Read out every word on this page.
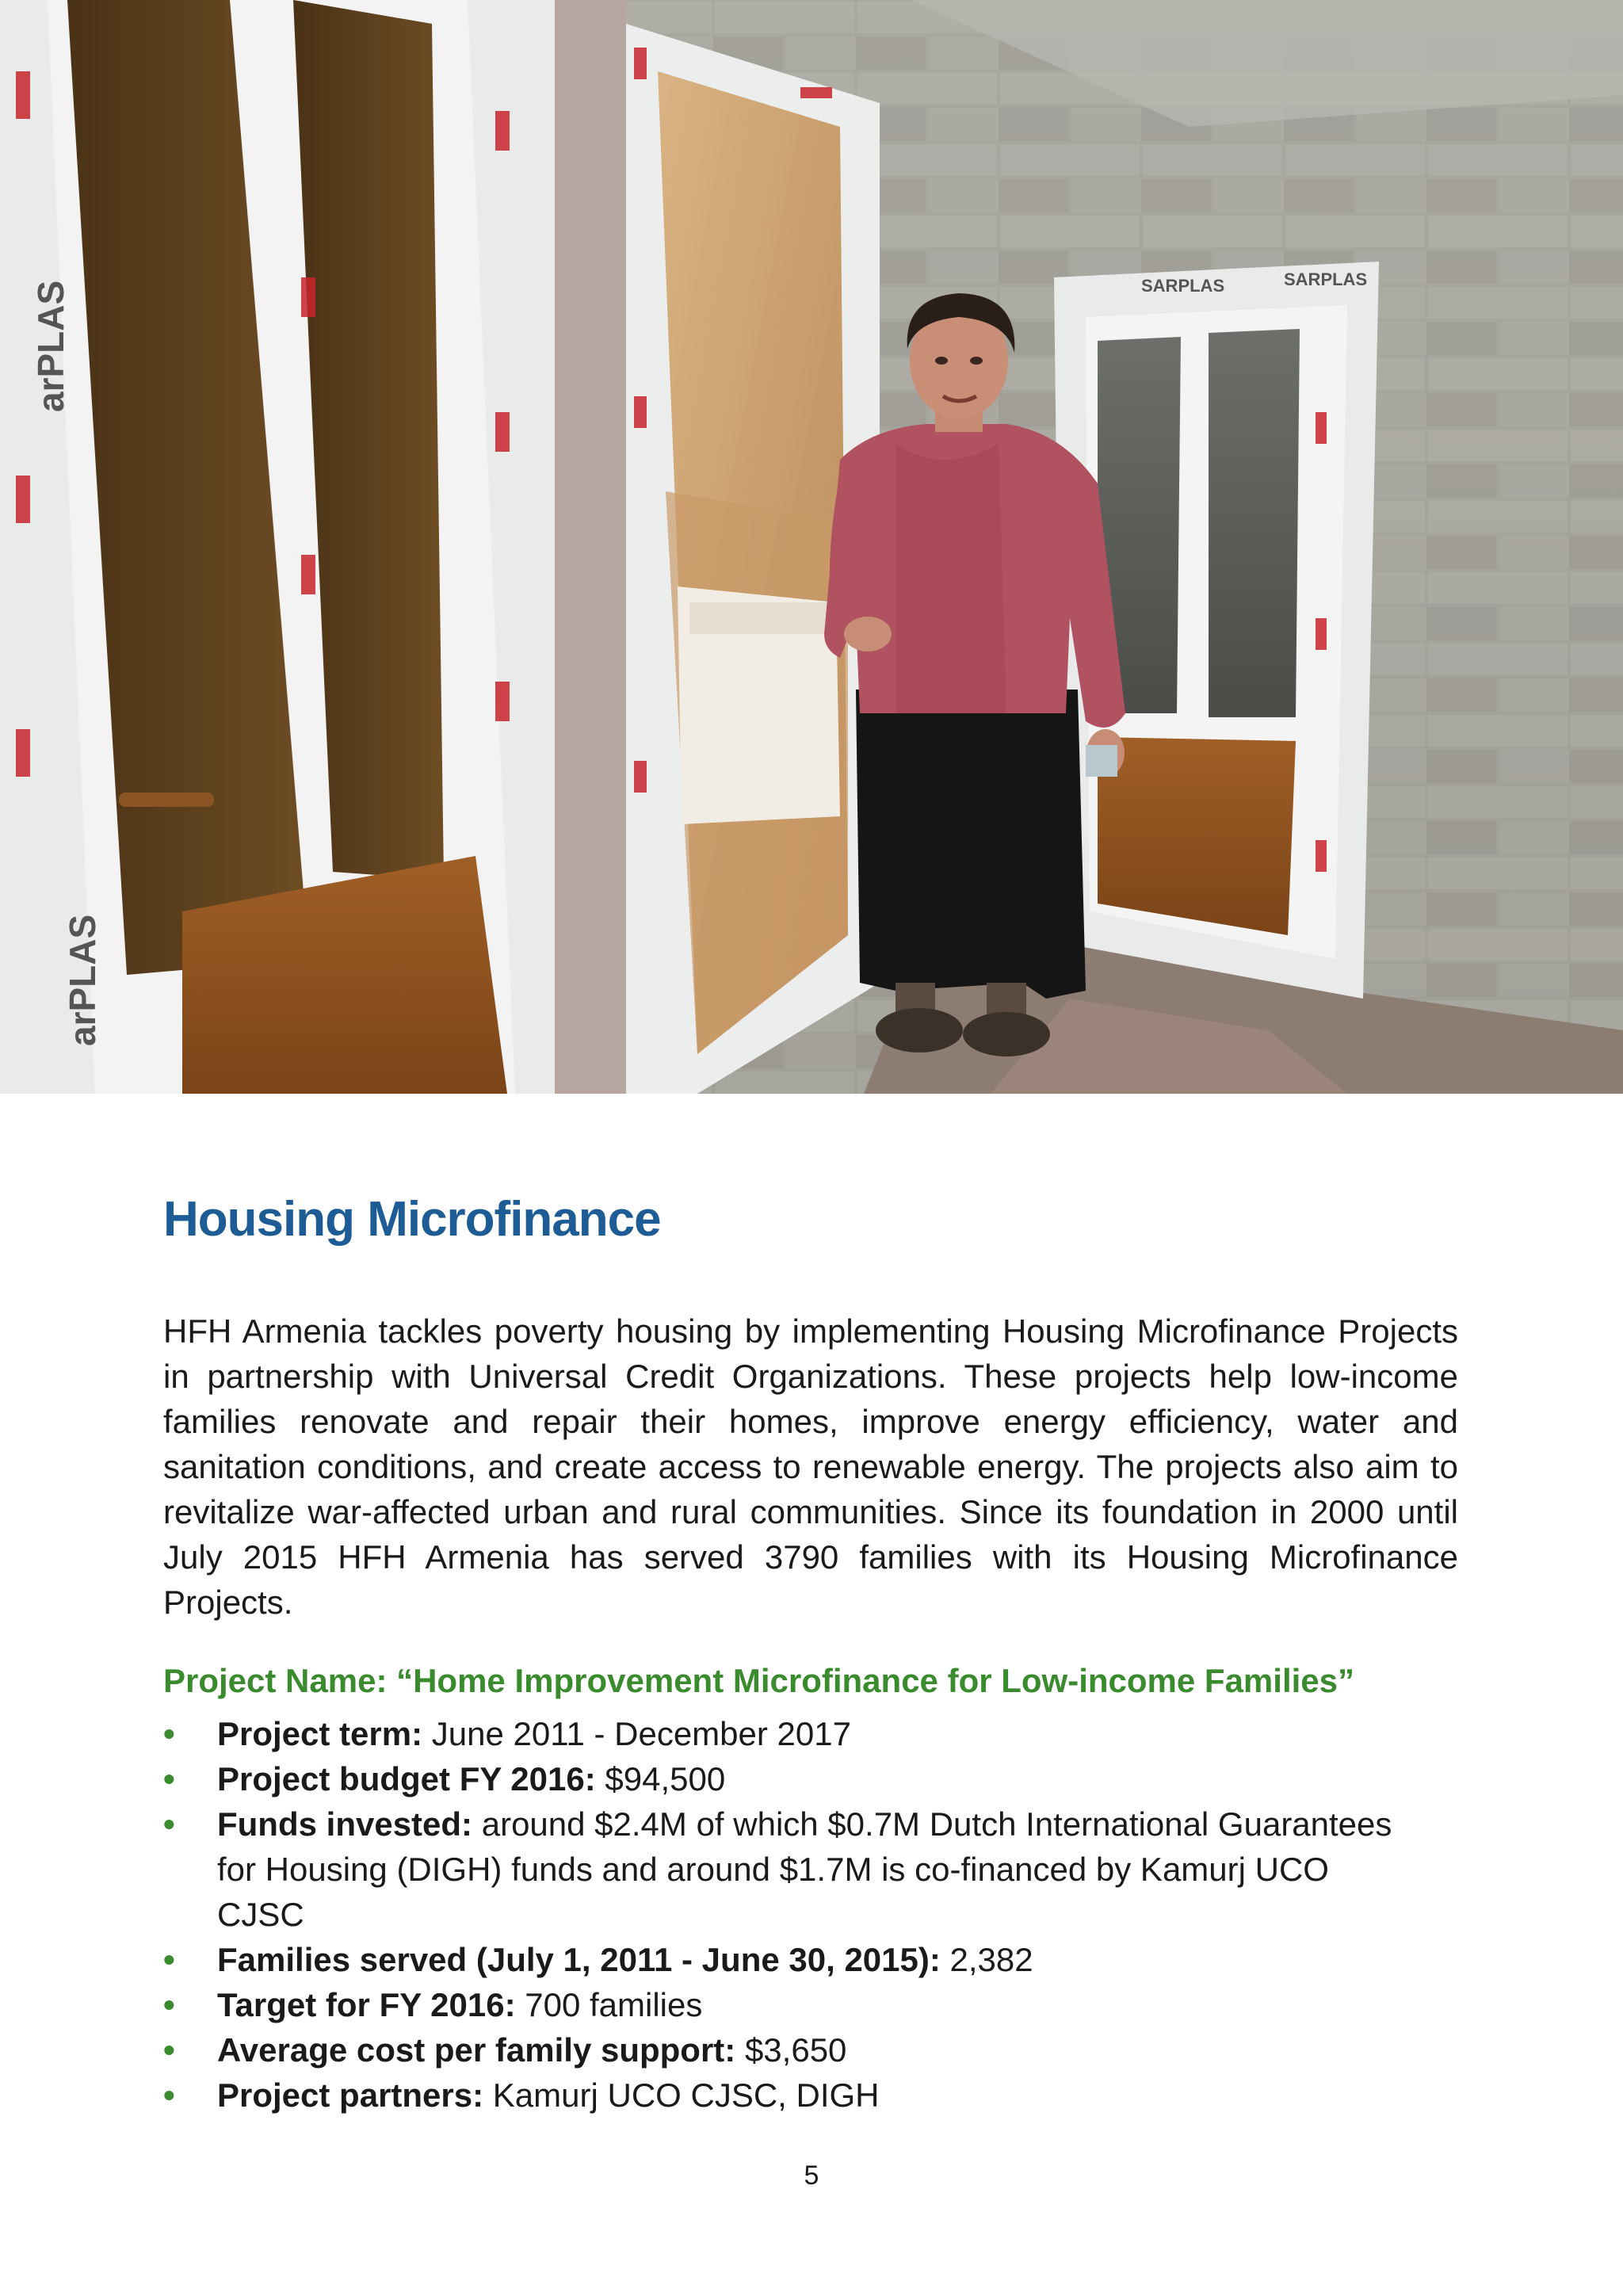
arPLAS
arPLAS
SARPLAS	SARPLAS
Housing Microfinance

HFH Armenia tackles poverty housing by implementing Housing Microfinance Projects in partnership with Universal Credit Organizations. These projects help low-income families renovate and repair their homes, improve energy efficiency, water and sanitation conditions, and create access to renewable energy. The projects also aim to revitalize war-affected urban and rural communities. Since its foundation in 2000 until July 2015 HFH Armenia has served 3790 families with its Housing Microfinance Projects.

Project Name: “Home Improvement Microfinance for Low-income Families”

• Project term: June 2011 - December 2017
• Project budget FY 2016: $94,500
• Funds invested: around $2.4M of which $0.7M Dutch International Guarantees for Housing (DIGH) funds and around $1.7M is co-financed by Kamurj UCO CJSC
• Families served (July 1, 2011 - June 30, 2015): 2,382
• Target for FY 2016: 700 families
• Average cost per family support: $3,650
• Project partners: Kamurj UCO CJSC, DIGH
5
